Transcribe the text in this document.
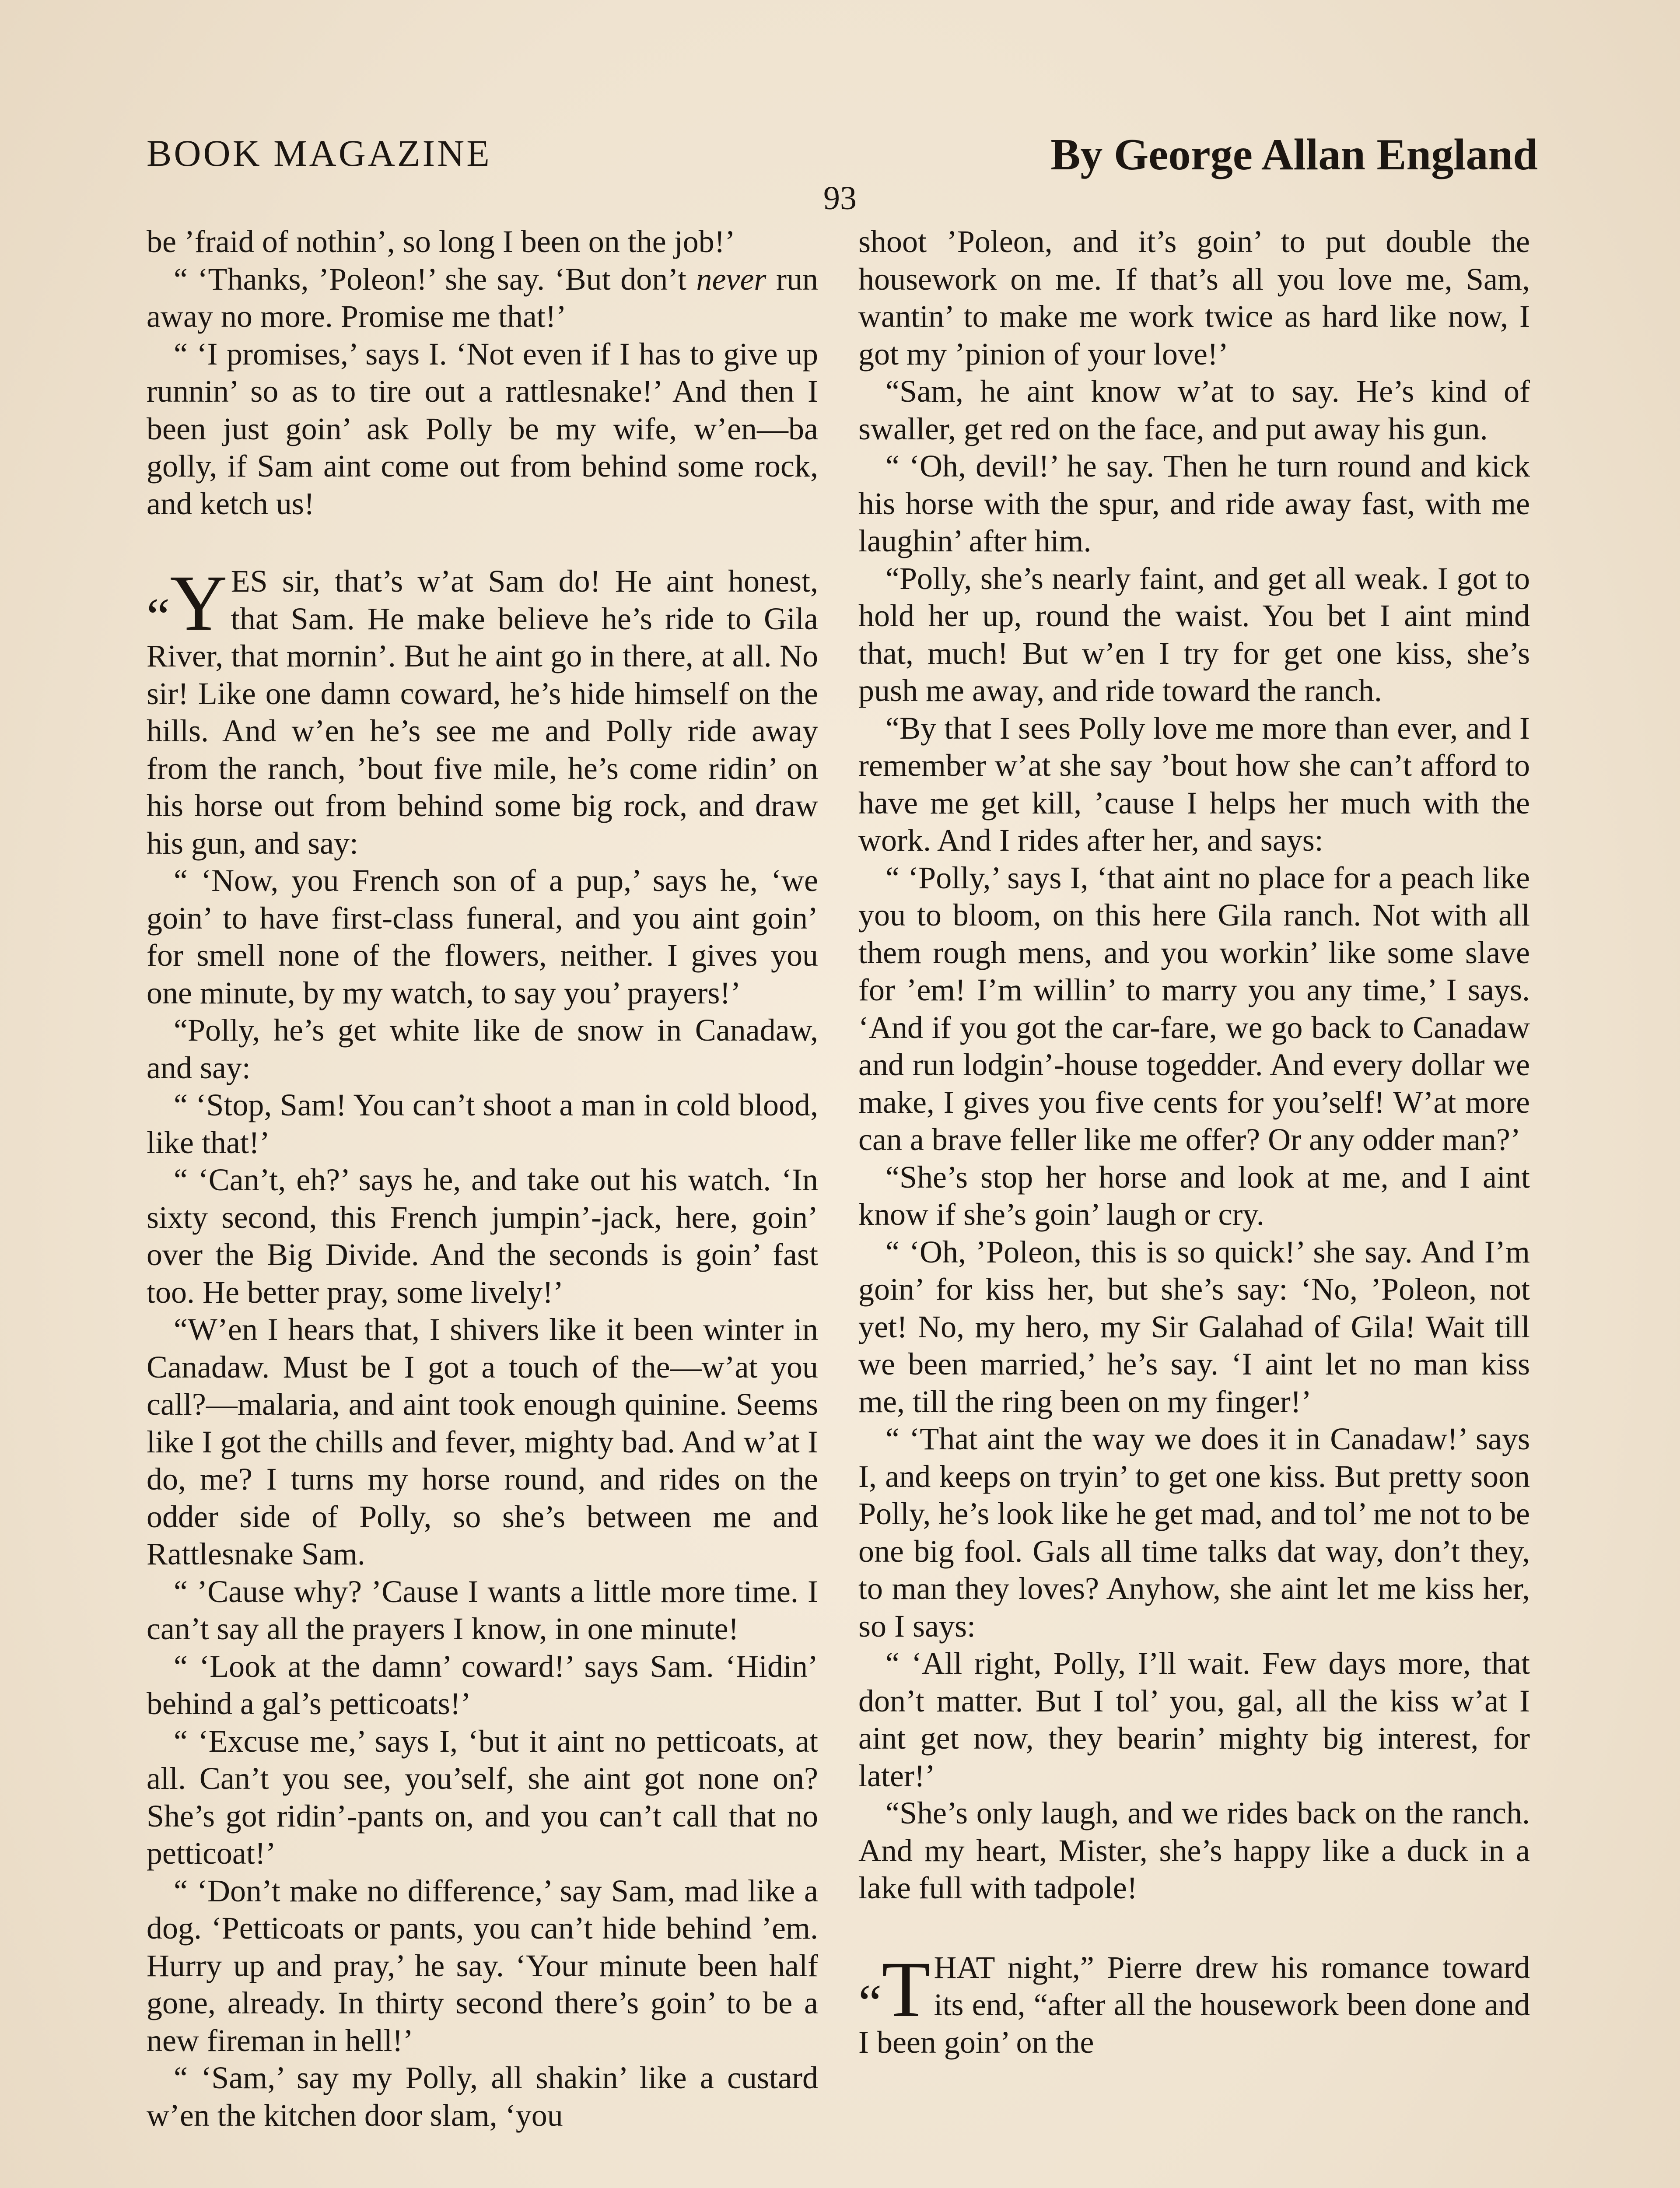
BOOK MAGAZINE	By George Allan England
93

be ’fraid of nothin’, so long I been on the job!’

“ ‘Thanks, ’Poleon!’ she say. ‘But don’t never run away no more. Promise me that!’

“ ‘I promises,’ says I. ‘Not even if I has to give up runnin’ so as to tire out a rattlesnake!’ And then I been just goin’ ask Polly be my wife, w’en—ba golly, if Sam aint come out from behind some rock, and ketch us!

“Y ES sir, that’s w’at Sam do! He aint honest, that Sam. He make believe he’s ride to Gila River, that mornin’. But he aint go in there, at all. No sir! Like one damn coward, he’s hide himself on the hills. And w’en he’s see me and Polly ride away from the ranch, ’bout five mile, he’s come ridin’ on his horse out from behind some big rock, and draw his gun, and say:

“ ‘Now, you French son of a pup,’ says he, ‘we goin’ to have first-class funeral, and you aint goin’ for smell none of the flowers, neither. I gives you one minute, by my watch, to say you’ prayers!’

“Polly, he’s get white like de snow in Canadaw, and say:

“ ‘Stop, Sam! You can’t shoot a man in cold blood, like that!’

“ ‘Can’t, eh?’ says he, and take out his watch. ‘In sixty second, this French jumpin’-jack, here, goin’ over the Big Divide. And the seconds is goin’ fast too. He better pray, some lively!’

“W’en I hears that, I shivers like it been winter in Canadaw. Must be I got a touch of the—w’at you call?—malaria, and aint took enough quinine. Seems like I got the chills and fever, mighty bad. And w’at I do, me? I turns my horse round, and rides on the odder side of Polly, so she’s between me and Rattlesnake Sam.

“ ’Cause why? ’Cause I wants a little more time. I can’t say all the prayers I know, in one minute!

“ ‘Look at the damn’ coward!’ says Sam. ‘Hidin’ behind a gal’s petticoats!’

“ ‘Excuse me,’ says I, ‘but it aint no petticoats, at all. Can’t you see, you’self, she aint got none on? She’s got ridin’-pants on, and you can’t call that no petticoat!’

“ ‘Don’t make no difference,’ say Sam, mad like a dog. ‘Petticoats or pants, you can’t hide behind ’em. Hurry up and pray,’ he say. ‘Your minute been half gone, already. In thirty second there’s goin’ to be a new fireman in hell!’

“ ‘Sam,’ say my Polly, all shakin’ like a custard w’en the kitchen door slam, ‘you

shoot ’Poleon, and it’s goin’ to put double the housework on me. If that’s all you love me, Sam, wantin’ to make me work twice as hard like now, I got my ’pinion of your love!’

“Sam, he aint know w’at to say. He’s kind of swaller, get red on the face, and put away his gun.

“ ‘Oh, devil!’ he say. Then he turn round and kick his horse with the spur, and ride away fast, with me laughin’ after him.

“Polly, she’s nearly faint, and get all weak. I got to hold her up, round the waist. You bet I aint mind that, much! But w’en I try for get one kiss, she’s push me away, and ride toward the ranch.

“By that I sees Polly love me more than ever, and I remember w’at she say ’bout how she can’t afford to have me get kill, ’cause I helps her much with the work. And I rides after her, and says:

“ ‘Polly,’ says I, ‘that aint no place for a peach like you to bloom, on this here Gila ranch. Not with all them rough mens, and you workin’ like some slave for ’em! I’m willin’ to marry you any time,’ I says. ‘And if you got the car-fare, we go back to Canadaw and run lodgin’-house togedder. And every dollar we make, I gives you five cents for you’self! W’at more can a brave feller like me offer? Or any odder man?’

“She’s stop her horse and look at me, and I aint know if she’s goin’ laugh or cry.

“ ‘Oh, ’Poleon, this is so quick!’ she say. And I’m goin’ for kiss her, but she’s say: ‘No, ’Poleon, not yet! No, my hero, my Sir Galahad of Gila! Wait till we been married,’ he’s say. ‘I aint let no man kiss me, till the ring been on my finger!’

“ ‘That aint the way we does it in Canadaw!’ says I, and keeps on tryin’ to get one kiss. But pretty soon Polly, he’s look like he get mad, and tol’ me not to be one big fool. Gals all time talks dat way, don’t they, to man they loves? Anyhow, she aint let me kiss her, so I says:

“ ‘All right, Polly, I’ll wait. Few days more, that don’t matter. But I tol’ you, gal, all the kiss w’at I aint get now, they bearin’ mighty big interest, for later!’

“She’s only laugh, and we rides back on the ranch. And my heart, Mister, she’s happy like a duck in a lake full with tadpole!

“T HAT night,” Pierre drew his romance toward its end, “after all the housework been done and I been goin’ on the
